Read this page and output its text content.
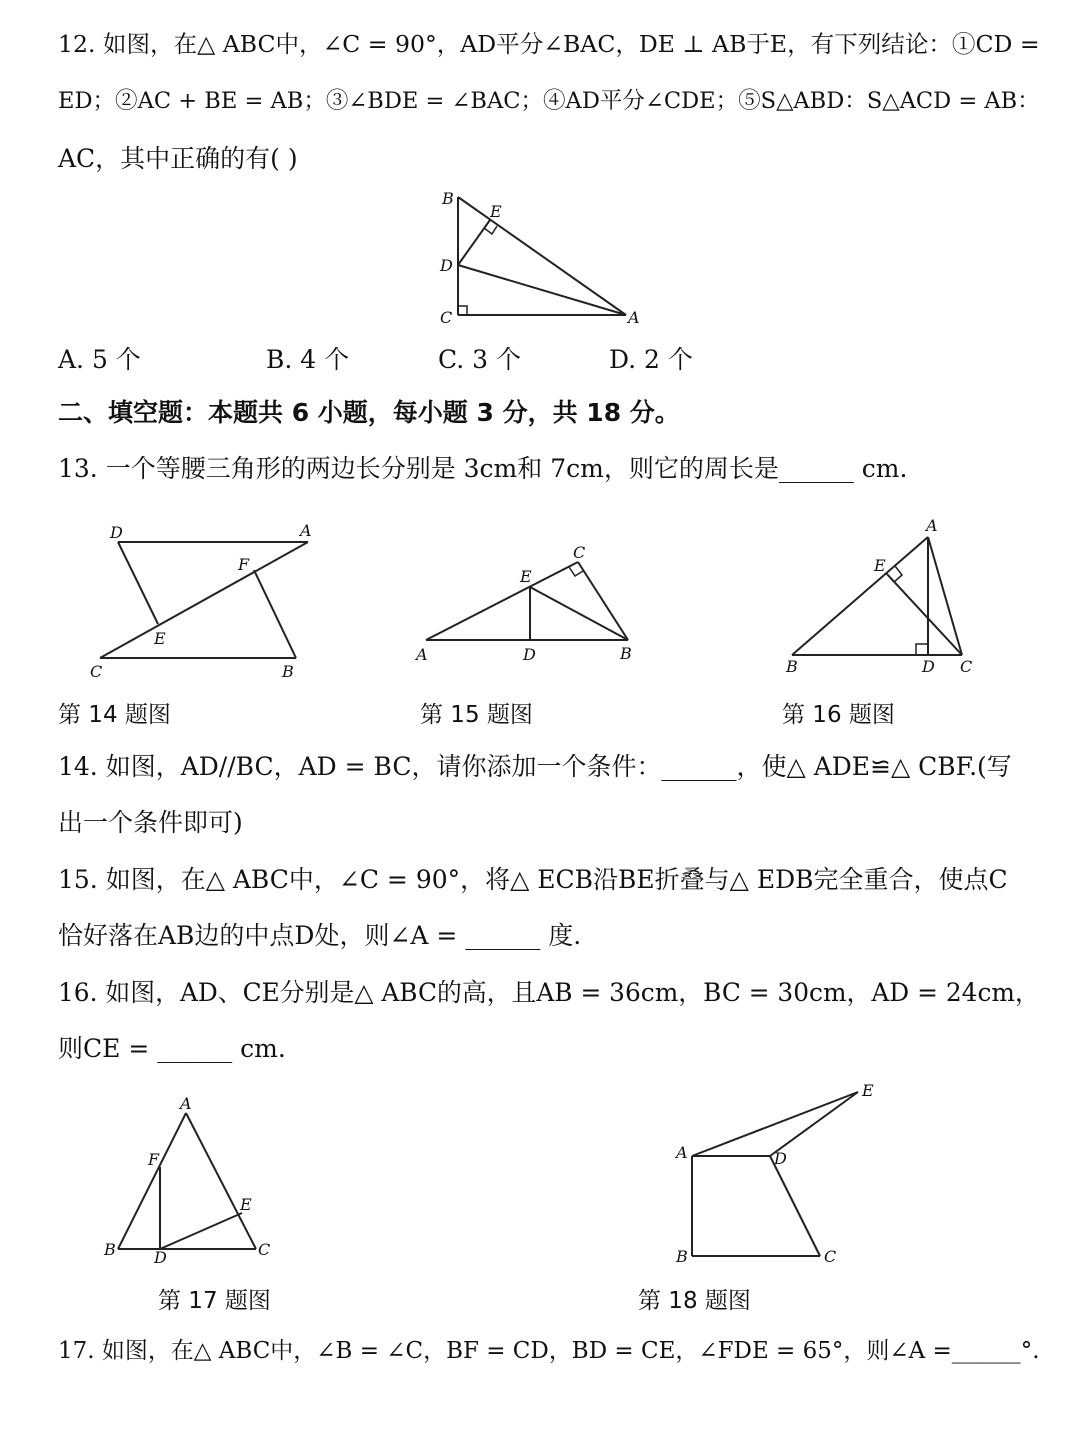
12. 如图，在△ ABC中，∠C = 90°，AD平分∠BAC，DE ⊥ AB于E，有下列结论：①CD =
ED；②AC + BE = AB；③∠BDE = ∠BAC；④AD平分∠CDE；⑤S△ABD：S△ACD = AB：
AC，其中正确的有( )
B
E
D
C	A
A. 5 个	B. 4 个	C. 3 个	D. 2 个
二、填空题：本题共 6 小题，每小题 3 分，共 18 分。
13. 一个等腰三角形的两边长分别是 3cm和 7cm，则它的周长是______ cm.
D	A
F
E
C	B
C
E
A	D	B
A
E
B	D C
第 14 题图	第 15 题图	第 16 题图
14. 如图，AD//BC，AD = BC，请你添加一个条件：______，使△ ADE≌△ CBF.(写
出一个条件即可)
15. 如图，在△ ABC中，∠C = 90°，将△ ECB沿BE折叠与△ EDB完全重合，使点C
恰好落在AB边的中点D处，则∠A = ______ 度.
16. 如图，AD、CE分别是△ ABC的高，且AB = 36cm，BC = 30cm，AD = 24cm，
则CE = ______ cm.
A
F
E
B D	C
E
A	D
B	C
第 17 题图	第 18 题图
17. 如图，在△ ABC中，∠B = ∠C，BF = CD，BD = CE，∠FDE = 65°，则∠A =______°.
